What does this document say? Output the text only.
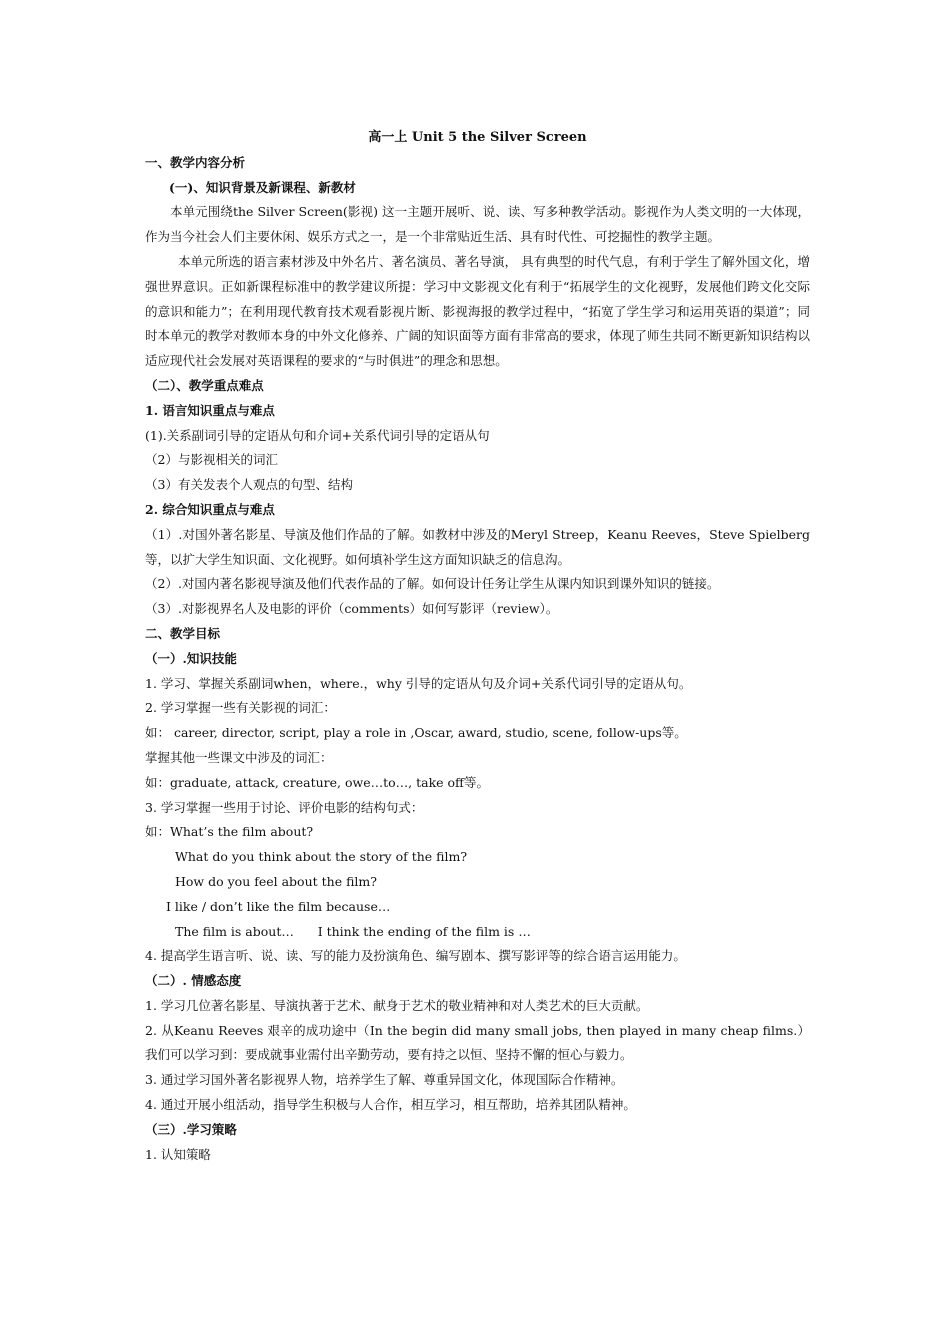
高一上 Unit 5 the Silver Screen
一、教学内容分析
(一)、知识背景及新课程、新教材
本单元围绕the Silver Screen(影视) 这一主题开展听、说、读、写多种教学活动。影视作为人类文明的一大体现，作为当今社会人们主要休闲、娱乐方式之一，是一个非常贴近生活、具有时代性、可挖掘性的教学主题。
本单元所选的语言素材涉及中外名片、著名演员、著名导演， 具有典型的时代气息，有利于学生了解外国文化，增强世界意识。正如新课程标准中的教学建议所提：学习中文影视文化有利于“拓展学生的文化视野，发展他们跨文化交际的意识和能力”；在利用现代教育技术观看影视片断、影视海报的教学过程中，“拓宽了学生学习和运用英语的渠道”；同时本单元的教学对教师本身的中外文化修养、广阔的知识面等方面有非常高的要求，体现了师生共同不断更新知识结构以适应现代社会发展对英语课程的要求的“与时俱进”的理念和思想。
（二）、教学重点难点
1. 语言知识重点与难点
(1).关系副词引导的定语从句和介词+关系代词引导的定语从句
（2）与影视相关的词汇
（3）有关发表个人观点的句型、结构
2. 综合知识重点与难点
（1）.对国外著名影星、导演及他们作品的了解。如教材中涉及的Meryl Streep，Keanu Reeves，Steve Spielberg等，以扩大学生知识面、文化视野。如何填补学生这方面知识缺乏的信息沟。
（2）.对国内著名影视导演及他们代表作品的了解。如何设计任务让学生从课内知识到课外知识的链接。
（3）.对影视界名人及电影的评价（comments）如何写影评（review）。
二、教学目标
（一）.知识技能
1. 学习、掌握关系副词when，where.，why 引导的定语从句及介词+关系代词引导的定语从句。
2. 学习掌握一些有关影视的词汇：
如： career, director, script, play a role in ,Oscar, award, studio, scene, follow-ups等。
掌握其他一些课文中涉及的词汇：
如：graduate, attack, creature, owe…to…, take off等。
3. 学习掌握一些用于讨论、评价电影的结构句式：
如：What’s the film about?
What do you think about the story of the film?
How do you feel about the film?
I like / don’t like the film because…
The film is about…      I think the ending of the film is …
4. 提高学生语言听、说、读、写的能力及扮演角色、编写剧本、撰写影评等的综合语言运用能力。
（二）. 情感态度
1. 学习几位著名影星、导演执著于艺术、献身于艺术的敬业精神和对人类艺术的巨大贡献。
2. 从Keanu Reeves 艰辛的成功途中（In the begin did many small jobs, then played in many cheap films.）我们可以学习到：要成就事业需付出辛勤劳动，要有持之以恒、坚持不懈的恒心与毅力。
3. 通过学习国外著名影视界人物，培养学生了解、尊重异国文化，体现国际合作精神。
4. 通过开展小组活动，指导学生积极与人合作，相互学习，相互帮助，培养其团队精神。
（三）.学习策略
1. 认知策略
